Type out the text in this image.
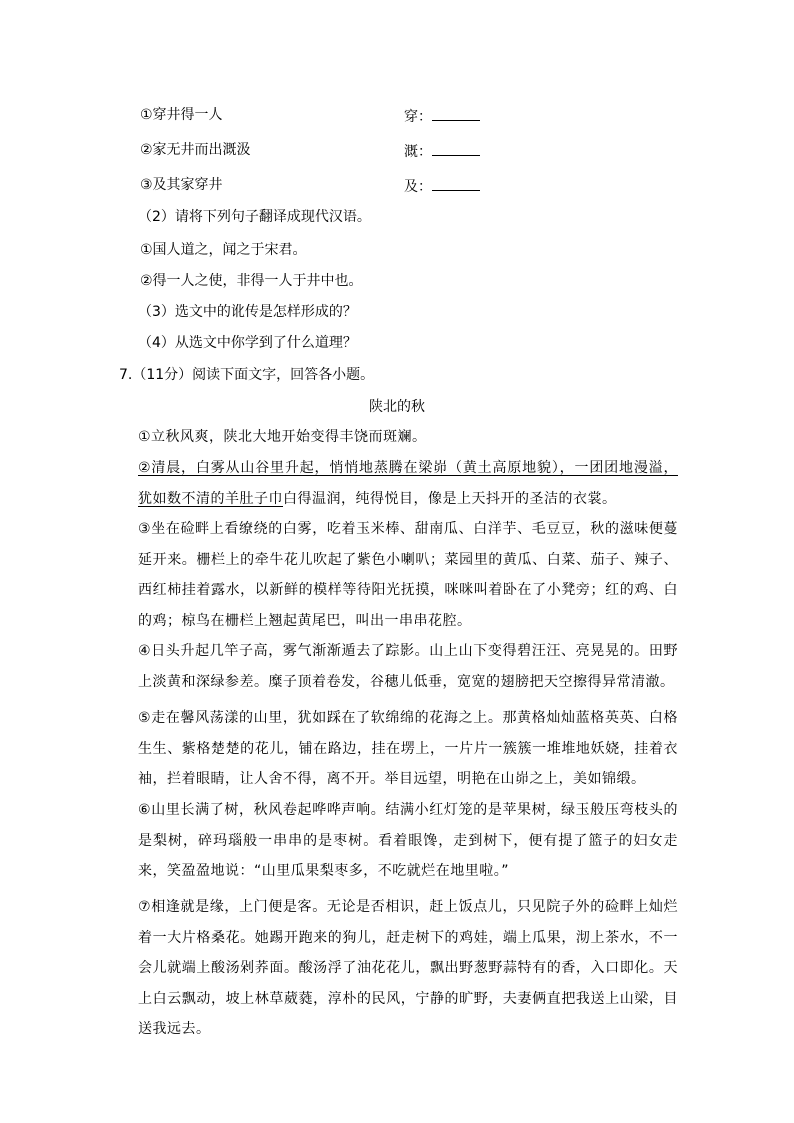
①穿井得一人	穿：
②家无井而出溉汲	溉：
③及其家穿井	及：
（2）请将下列句子翻译成现代汉语。
①国人道之，闻之于宋君。
②得一人之使，非得一人于井中也。
（3）选文中的讹传是怎样形成的？
（4）从选文中你学到了什么道理？
7.（11分）阅读下面文字，回答各小题。
陕北的秋
①立秋风爽，陕北大地开始变得丰饶而斑斓。
②清晨，白雾从山谷里升起，悄悄地蒸腾在梁峁（黄土高原地貌），一团团地漫溢，犹如数不清的羊肚子巾白得温润，纯得悦目，像是上天抖开的圣洁的衣裳。
③坐在硷畔上看缭绕的白雾，吃着玉米棒、甜南瓜、白洋芋、毛豆豆，秋的滋味便蔓延开来。栅栏上的牵牛花儿吹起了紫色小喇叭；菜园里的黄瓜、白菜、茄子、辣子、西红柿挂着露水，以新鲜的模样等待阳光抚摸，咪咪叫着卧在了小凳旁；红的鸡、白的鸡；椋鸟在栅栏上翘起黄尾巴，叫出一串串花腔。
④日头升起几竿子高，雾气渐渐遁去了踪影。山上山下变得碧汪汪、亮晃晃的。田野上淡黄和深绿参差。糜子顶着卷发，谷穗儿低垂，宽宽的翅膀把天空擦得异常清澈。
⑤走在馨风荡漾的山里，犹如踩在了软绵绵的花海之上。那黄格灿灿蓝格英英、白格生生、紫格楚楚的花儿，铺在路边，挂在塄上，一片片一簇簇一堆堆地妖娆，挂着衣袖，拦着眼睛，让人舍不得，离不开。举目远望，明艳在山峁之上，美如锦缎。
⑥山里长满了树，秋风卷起哗哗声响。结满小红灯笼的是苹果树，绿玉般压弯枝头的是梨树，碎玛瑙般一串串的是枣树。看着眼馋，走到树下，便有提了篮子的妇女走来，笑盈盈地说：“山里瓜果梨枣多，不吃就烂在地里啦。”
⑦相逢就是缘，上门便是客。无论是否相识，赶上饭点儿，只见院子外的硷畔上灿烂着一大片格桑花。她踢开跑来的狗儿，赶走树下的鸡娃，端上瓜果，沏上茶水，不一会儿就端上酸汤剁荞面。酸汤浮了油花花儿，飘出野葱野蒜特有的香，入口即化。天上白云飘动，坡上林草葳蕤，淳朴的民风，宁静的旷野，夫妻俩直把我送上山梁，目送我远去。
